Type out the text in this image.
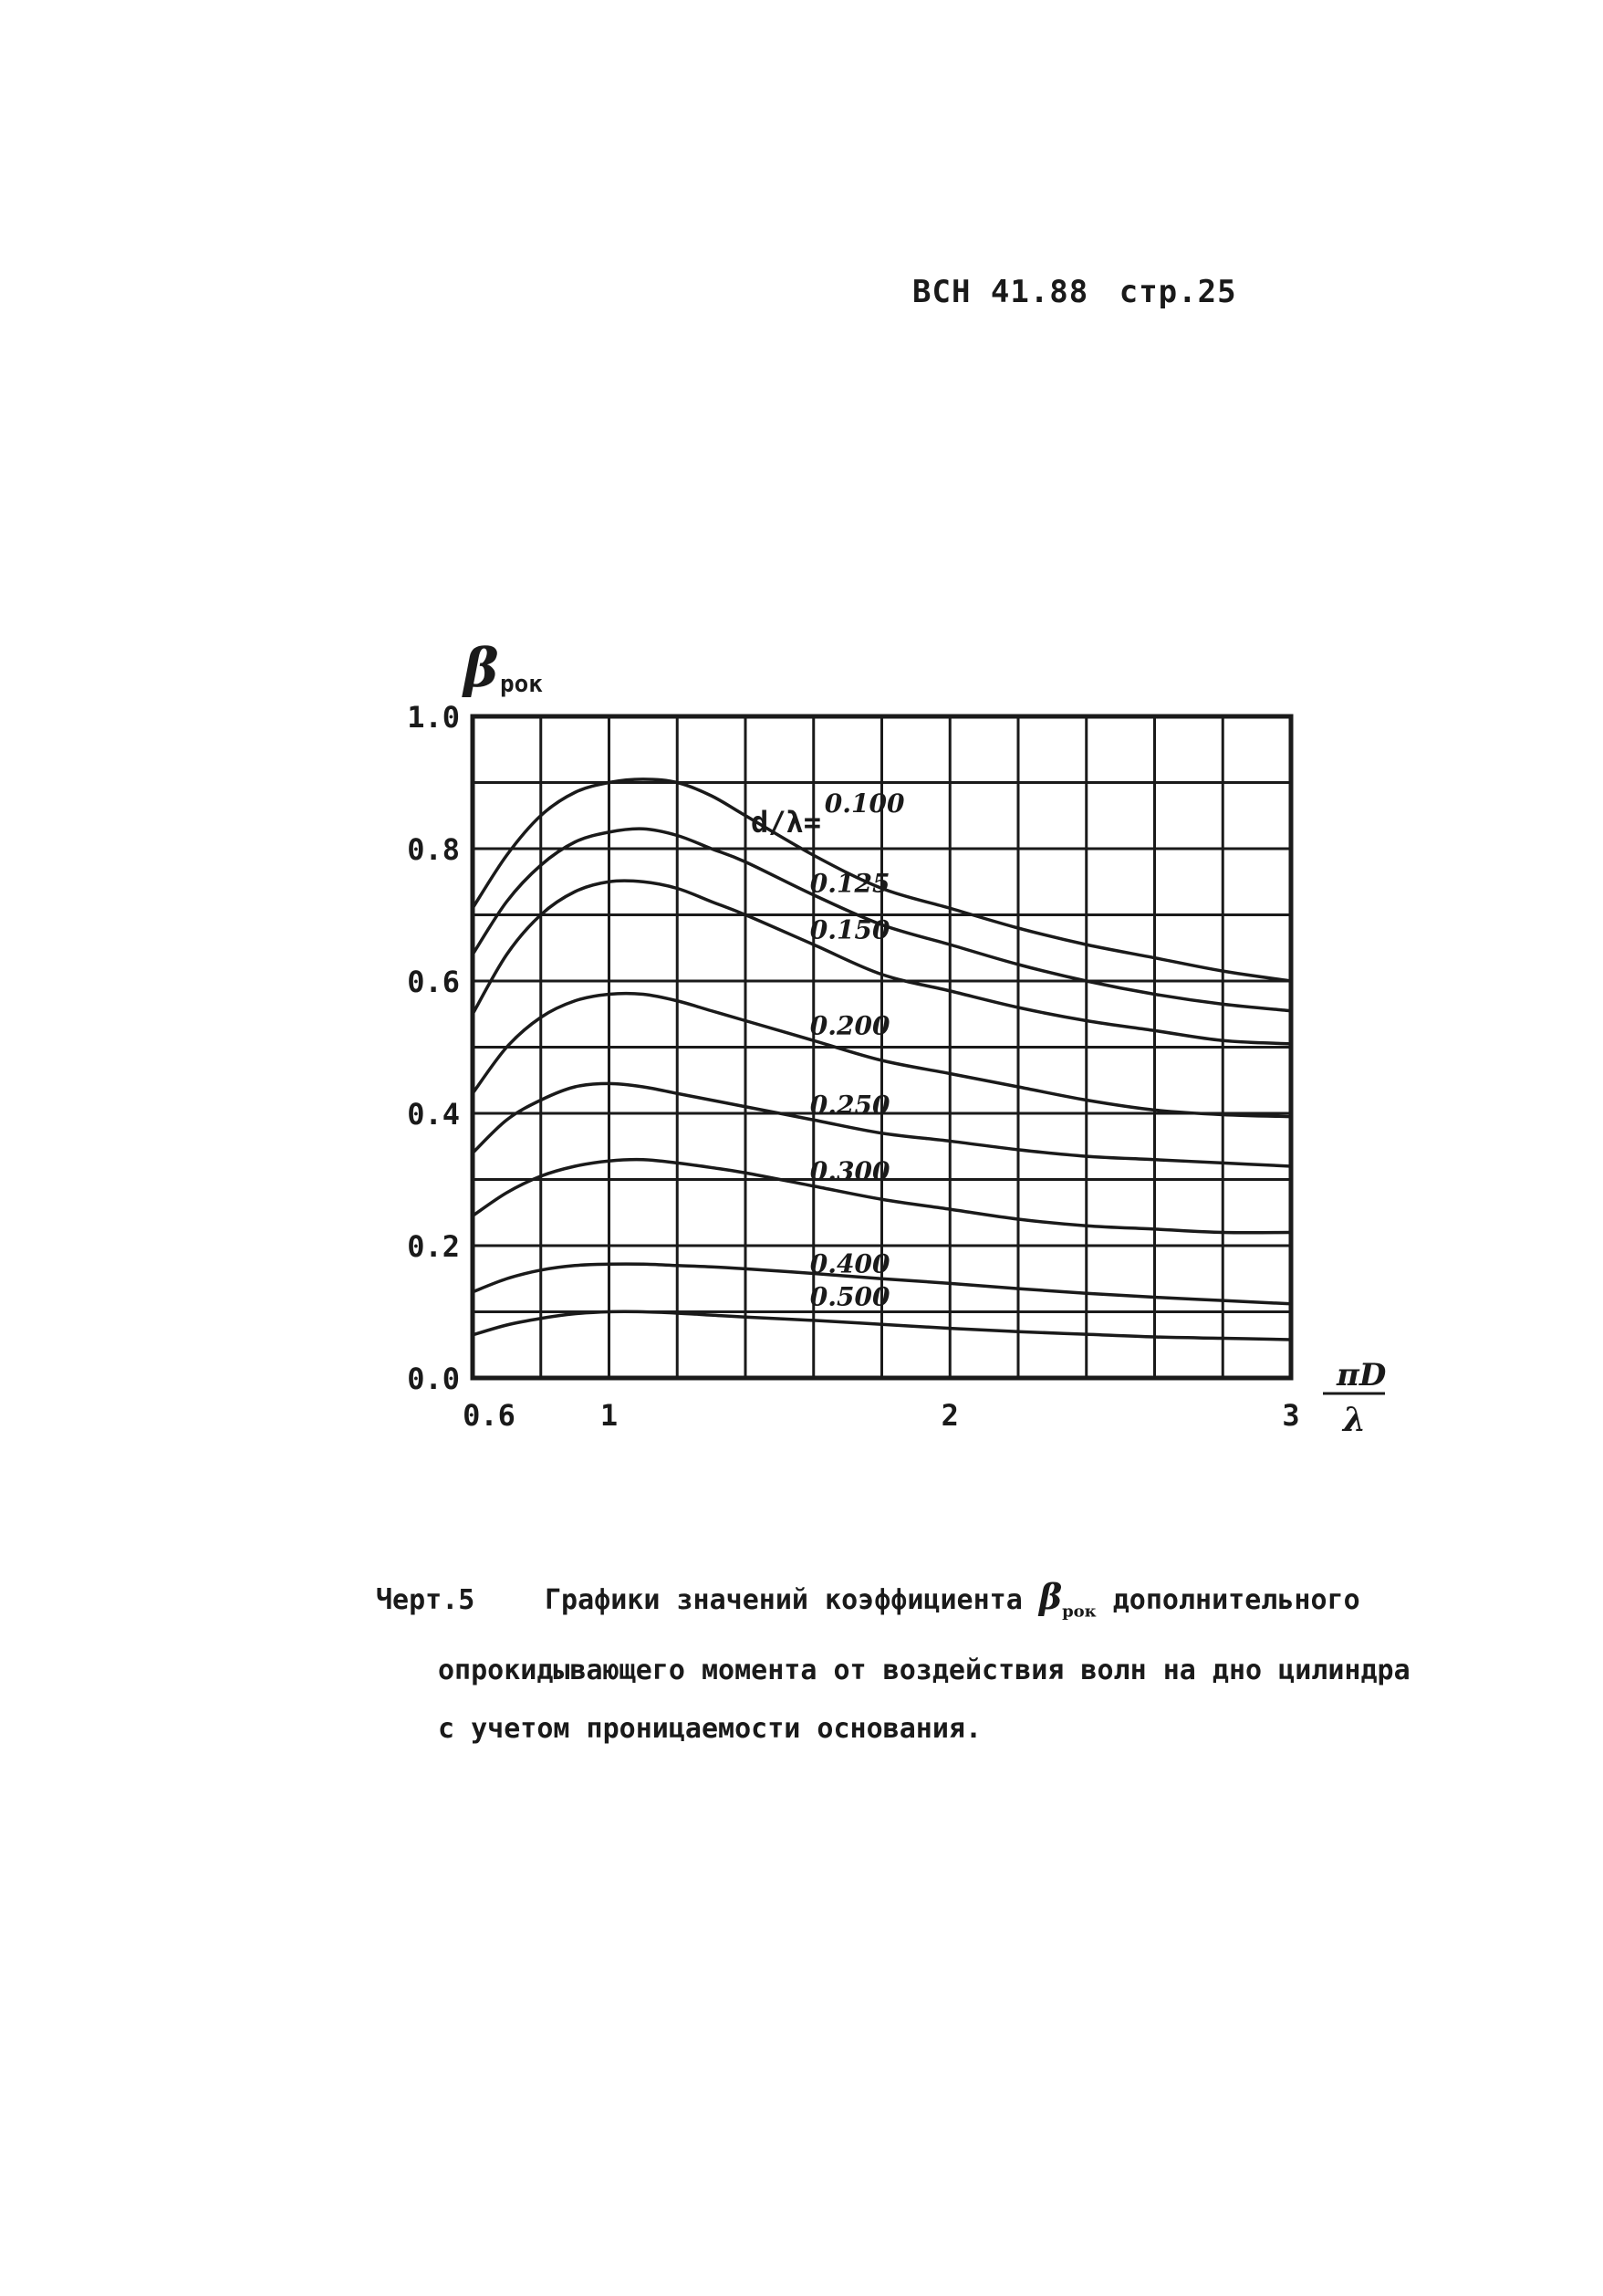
ВСН 41.88 стр.25
0.0
0.2
0.4
0.6
0.8
1.0
0.6	1	2	3
0.100
0.125
0.150
0.200
0.250
0.300
0.400
0.500
β рок
πD
λ
d/λ=
Черт.5	Графики значений коэффициента $\beta_{рок}$ дополнительного
опрокидывающего момента от воздействия волн на дно цилиндра
с учетом проницаемости основания.
